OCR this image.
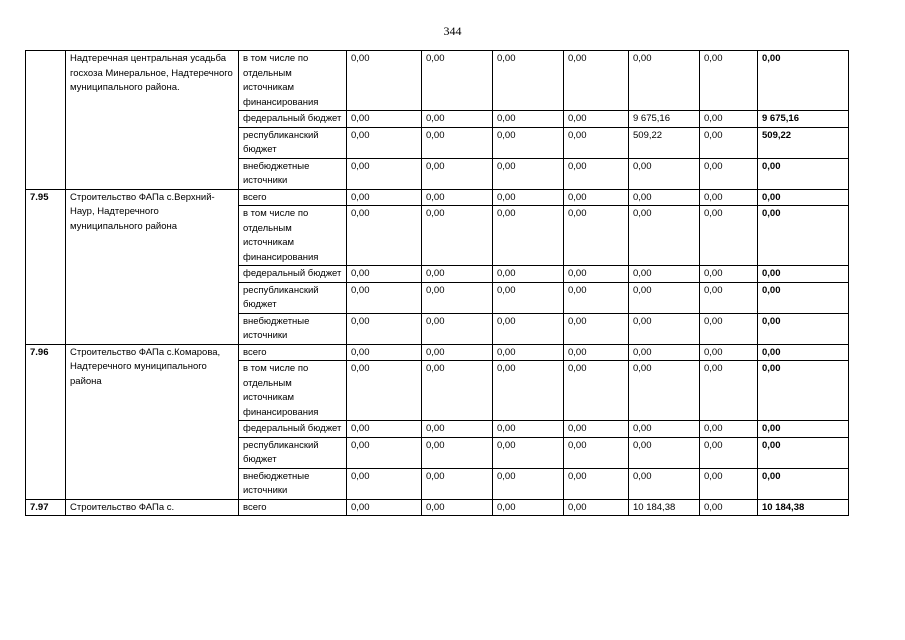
344
	Надтеречная центральная усадьба госхоза Минеральное, Надтеречного муниципального района.	в том числе по отдельным источникам финансирования	0,00	0,00	0,00	0,00	0,00	0,00	0,00
		федеральный бюджет	0,00	0,00	0,00	0,00	9 675,16	0,00	9 675,16
		республиканский бюджет	0,00	0,00	0,00	0,00	509,22	0,00	509,22
		внебюджетные источники	0,00	0,00	0,00	0,00	0,00	0,00	0,00
7.95	Строительство ФАПа с.Верхний-Наур, Надтеречного муниципального района	всего	0,00	0,00	0,00	0,00	0,00	0,00	0,00
		в том числе по отдельным источникам финансирования	0,00	0,00	0,00	0,00	0,00	0,00	0,00
		федеральный бюджет	0,00	0,00	0,00	0,00	0,00	0,00	0,00
		республиканский бюджет	0,00	0,00	0,00	0,00	0,00	0,00	0,00
		внебюджетные источники	0,00	0,00	0,00	0,00	0,00	0,00	0,00
7.96	Строительство ФАПа с.Комарова, Надтеречного муниципального района	всего	0,00	0,00	0,00	0,00	0,00	0,00	0,00
		в том числе по отдельным источникам финансирования	0,00	0,00	0,00	0,00	0,00	0,00	0,00
		федеральный бюджет	0,00	0,00	0,00	0,00	0,00	0,00	0,00
		республиканский бюджет	0,00	0,00	0,00	0,00	0,00	0,00	0,00
		внебюджетные источники	0,00	0,00	0,00	0,00	0,00	0,00	0,00
7.97	Строительство ФАПа с.	всего	0,00	0,00	0,00	0,00	10 184,38	0,00	10 184,38
